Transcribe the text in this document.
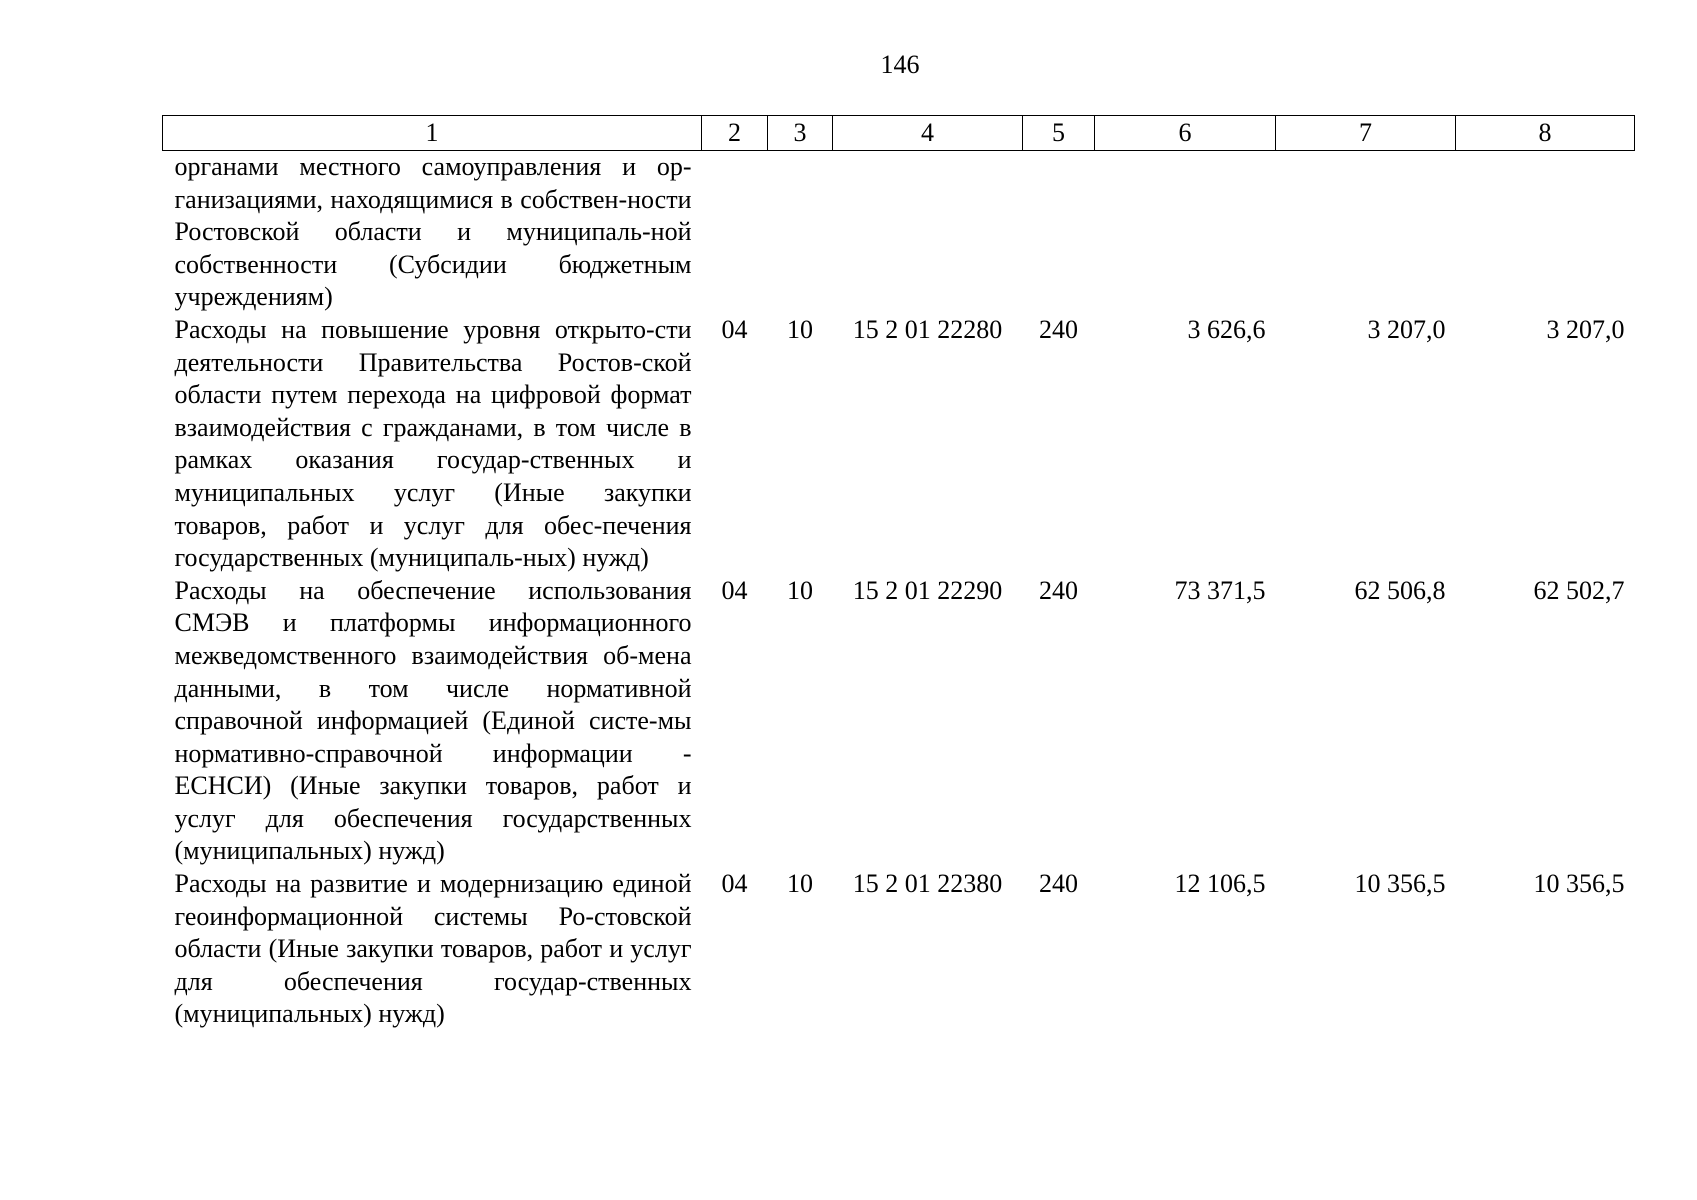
146
1	2	3	4	5	6	7	8
органами местного самоуправления и ор-ганизациями, находящимися в собствен-ности Ростовской области и муниципаль-ной собственности (Субсидии бюджетным учреждениям)							
Расходы на повышение уровня открыто-сти деятельности Правительства Ростов-ской области путем перехода на цифровой формат взаимодействия с гражданами, в том числе в рамках оказания государ-ственных и муниципальных услуг (Иные закупки товаров, работ и услуг для обес-печения государственных (муниципаль-ных) нужд)	04	10	15 2 01 22280	240	3 626,6	3 207,0	3 207,0
Расходы на обеспечение использования СМЭВ и платформы информационного межведомственного взаимодействия об-мена данными, в том числе нормативной справочной информацией (Единой систе-мы нормативно-справочной информации - ЕСНСИ) (Иные закупки товаров, работ и услуг для обеспечения государственных (муниципальных) нужд)	04	10	15 2 01 22290	240	73 371,5	62 506,8	62 502,7
Расходы на развитие и модернизацию единой геоинформационной системы Ро-стовской области (Иные закупки товаров, работ и услуг для обеспечения государ-ственных (муниципальных) нужд)	04	10	15 2 01 22380	240	12 106,5	10 356,5	10 356,5
